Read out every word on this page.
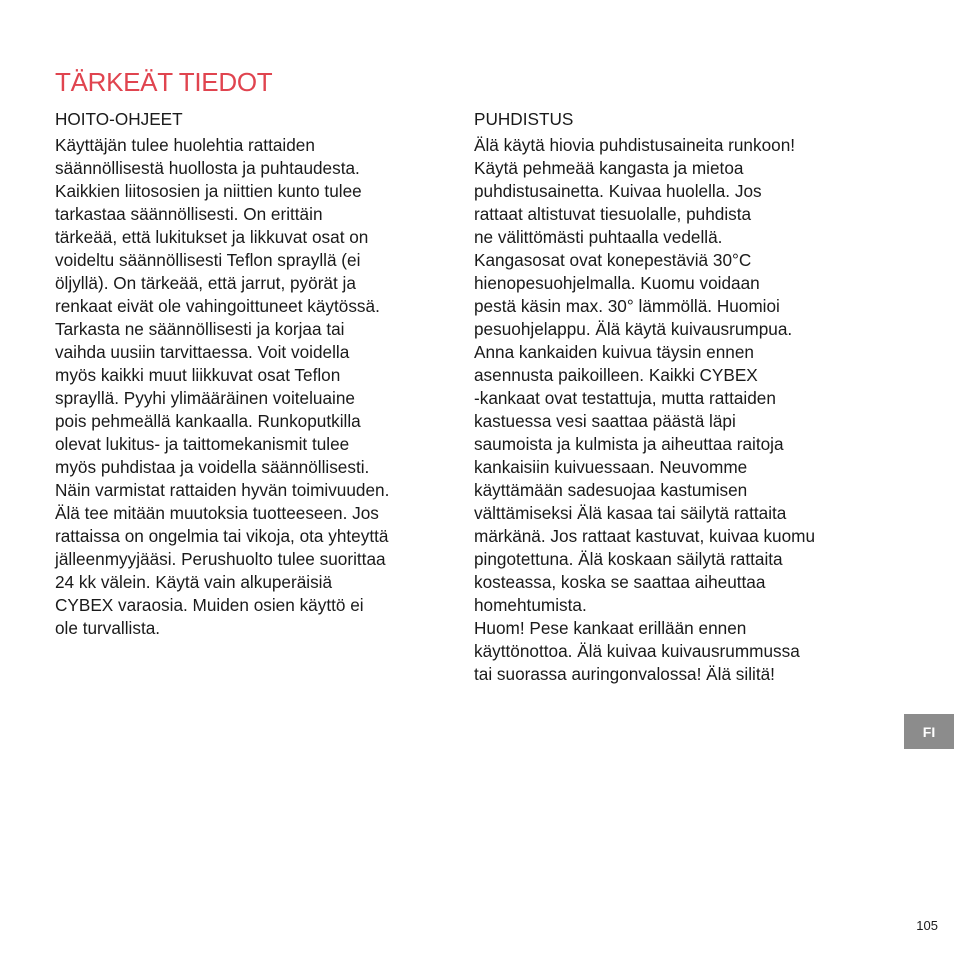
TÄRKEÄT TIEDOT
HOITO-OHJEET
Käyttäjän tulee huolehtia rattaiden
säännöllisestä huollosta ja puhtaudesta.
Kaikkien liitososien ja niittien kunto tulee
tarkastaa säännöllisesti. On erittäin
tärkeää, että lukitukset ja likkuvat osat on
voideltu säännöllisesti Teflon sprayllä (ei
öljyllä). On tärkeää, että jarrut, pyörät ja
renkaat eivät ole vahingoittuneet käytössä.
Tarkasta ne säännöllisesti ja korjaa tai
vaihda uusiin tarvittaessa. Voit voidella
myös kaikki muut liikkuvat osat Teflon
sprayllä. Pyyhi ylimääräinen voiteluaine
pois pehmeällä kankaalla. Runkoputkilla
olevat lukitus- ja taittomekanismit tulee
myös puhdistaa ja voidella säännöllisesti.
Näin varmistat rattaiden hyvän toimivuuden.
Älä tee mitään muutoksia tuotteeseen. Jos
rattaissa on ongelmia tai vikoja, ota yhteyttä
jälleenmyyjääsi. Perushuolto tulee suorittaa
24 kk välein. Käytä vain alkuperäisiä
CYBEX varaosia. Muiden osien käyttö ei
ole turvallista.
PUHDISTUS
Älä käytä hiovia puhdistusaineita runkoon!
Käytä pehmeää kangasta ja mietoa
puhdistusainetta. Kuivaa huolella. Jos
rattaat altistuvat tiesuolalle, puhdista
ne välittömästi puhtaalla vedellä.
Kangasosat ovat konepestäviä 30°C
hienopesuohjelmalla. Kuomu voidaan
pestä käsin max. 30° lämmöllä. Huomioi
pesuohjelappu. Älä käytä kuivausrumpua.
Anna kankaiden kuivua täysin ennen
asennusta paikoilleen. Kaikki CYBEX
-kankaat ovat testattuja, mutta rattaiden
kastuessa vesi saattaa päästä läpi
saumoista ja kulmista ja aiheuttaa raitoja
kankaisiin kuivuessaan. Neuvomme
käyttämään sadesuojaa kastumisen
välttämiseksi Älä kasaa tai säilytä rattaita
märkänä. Jos rattaat kastuvat, kuivaa kuomu
pingotettuna. Älä koskaan säilytä rattaita
kosteassa, koska se saattaa aiheuttaa
homehtumista.
Huom! Pese kankaat erillään ennen
käyttönottoa. Älä kuivaa kuivausrummussa
tai suorassa auringonvalossa! Älä silitä!
FI
105
